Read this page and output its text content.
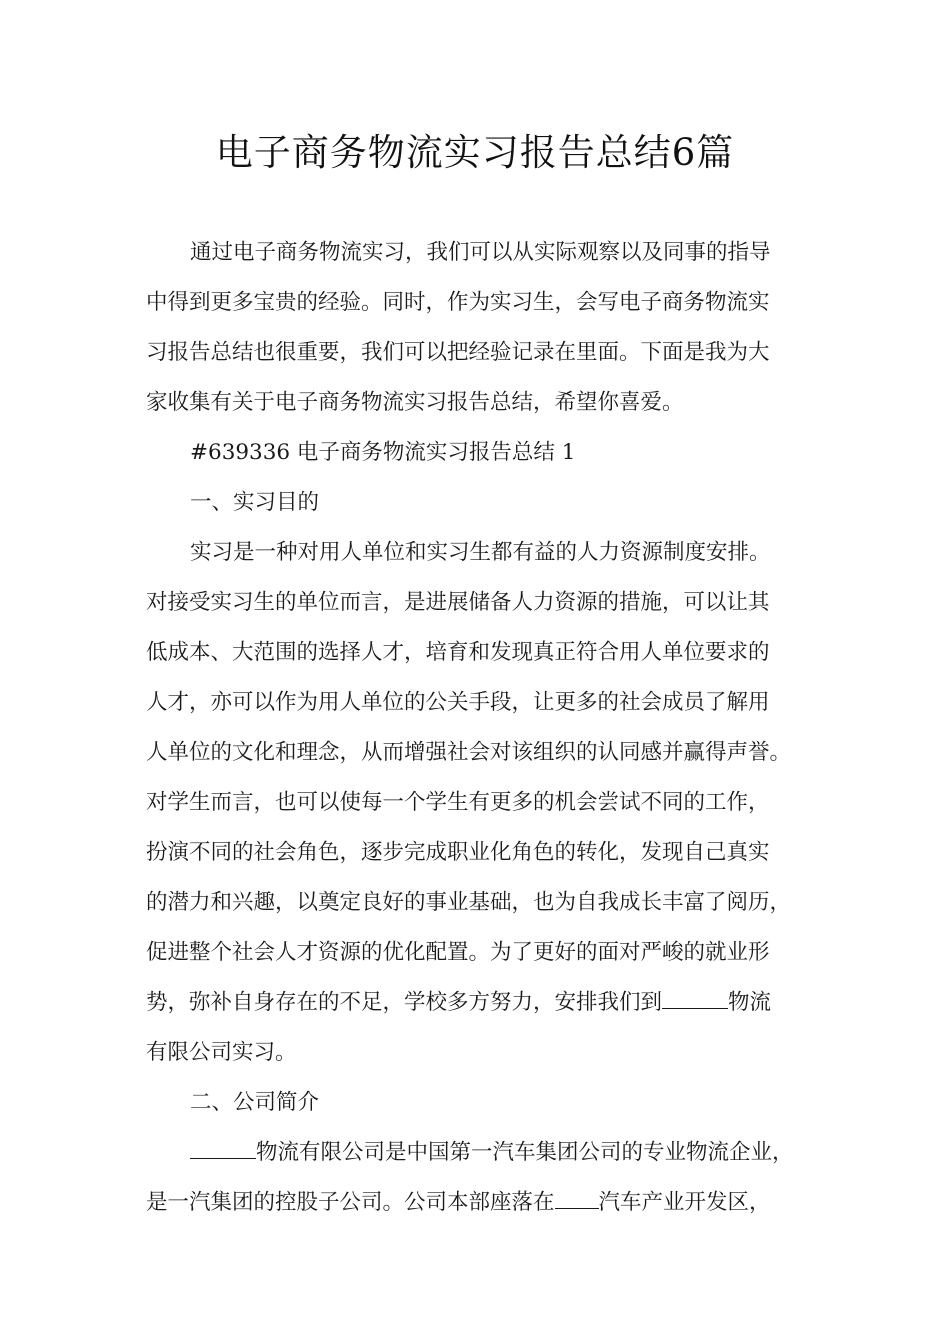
电子商务物流实习报告总结6篇
通过电子商务物流实习，我们可以从实际观察以及同事的指导
中得到更多宝贵的经验。同时，作为实习生，会写电子商务物流实
习报告总结也很重要，我们可以把经验记录在里面。下面是我为大
家收集有关于电子商务物流实习报告总结，希望你喜爱。
#639336 电子商务物流实习报告总结 1
一、实习目的
实习是一种对用人单位和实习生都有益的人力资源制度安排。
对接受实习生的单位而言，是进展储备人力资源的措施，可以让其
低成本、大范围的选择人才，培育和发现真正符合用人单位要求的
人才，亦可以作为用人单位的公关手段，让更多的社会成员了解用
人单位的文化和理念，从而增强社会对该组织的认同感并赢得声誉。
对学生而言，也可以使每一个学生有更多的机会尝试不同的工作，
扮演不同的社会角色，逐步完成职业化角色的转化，发现自己真实
的潜力和兴趣，以奠定良好的事业基础，也为自我成长丰富了阅历，
促进整个社会人才资源的优化配置。为了更好的面对严峻的就业形
势，弥补自身存在的不足，学校多方努力，安排我们到	物流
有限公司实习。
二、公司简介
物流有限公司是中国第一汽车集团公司的专业物流企业，
是一汽集团的控股子公司。公司本部座落在 汽车产业开发区，
